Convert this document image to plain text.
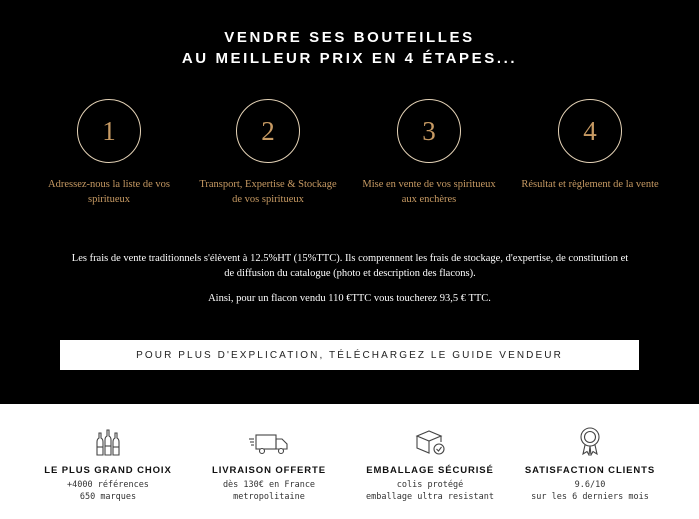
VENDRE SES BOUTEILLES
AU MEILLEUR PRIX EN 4 ÉTAPES...
1
Adressez-nous la liste de vos spiritueux
2
Transport, Expertise & Stockage de vos spiritueux
3
Mise en vente de vos spiritueux aux enchères
4
Résultat et règlement de la vente

Les frais de vente traditionnels s'élèvent à 12.5%HT (15%TTC). Ils comprennent les frais de stockage, d'expertise, de constitution et de diffusion du catalogue (photo et description des flacons).

Ainsi, pour un flacon vendu 110 €TTC vous toucherez 93,5 € TTC.

POUR PLUS D'EXPLICATION, TÉLÉCHARGEZ LE GUIDE VENDEUR
LE PLUS GRAND CHOIX
+4000 références
650 marques
LIVRAISON OFFERTE
dès 130€ en France
metropolitaine
EMBALLAGE SÉCURISÉ
colis protégé
emballage ultra resistant
SATISFACTION CLIENTS
9.6/10
sur les 6 derniers mois
